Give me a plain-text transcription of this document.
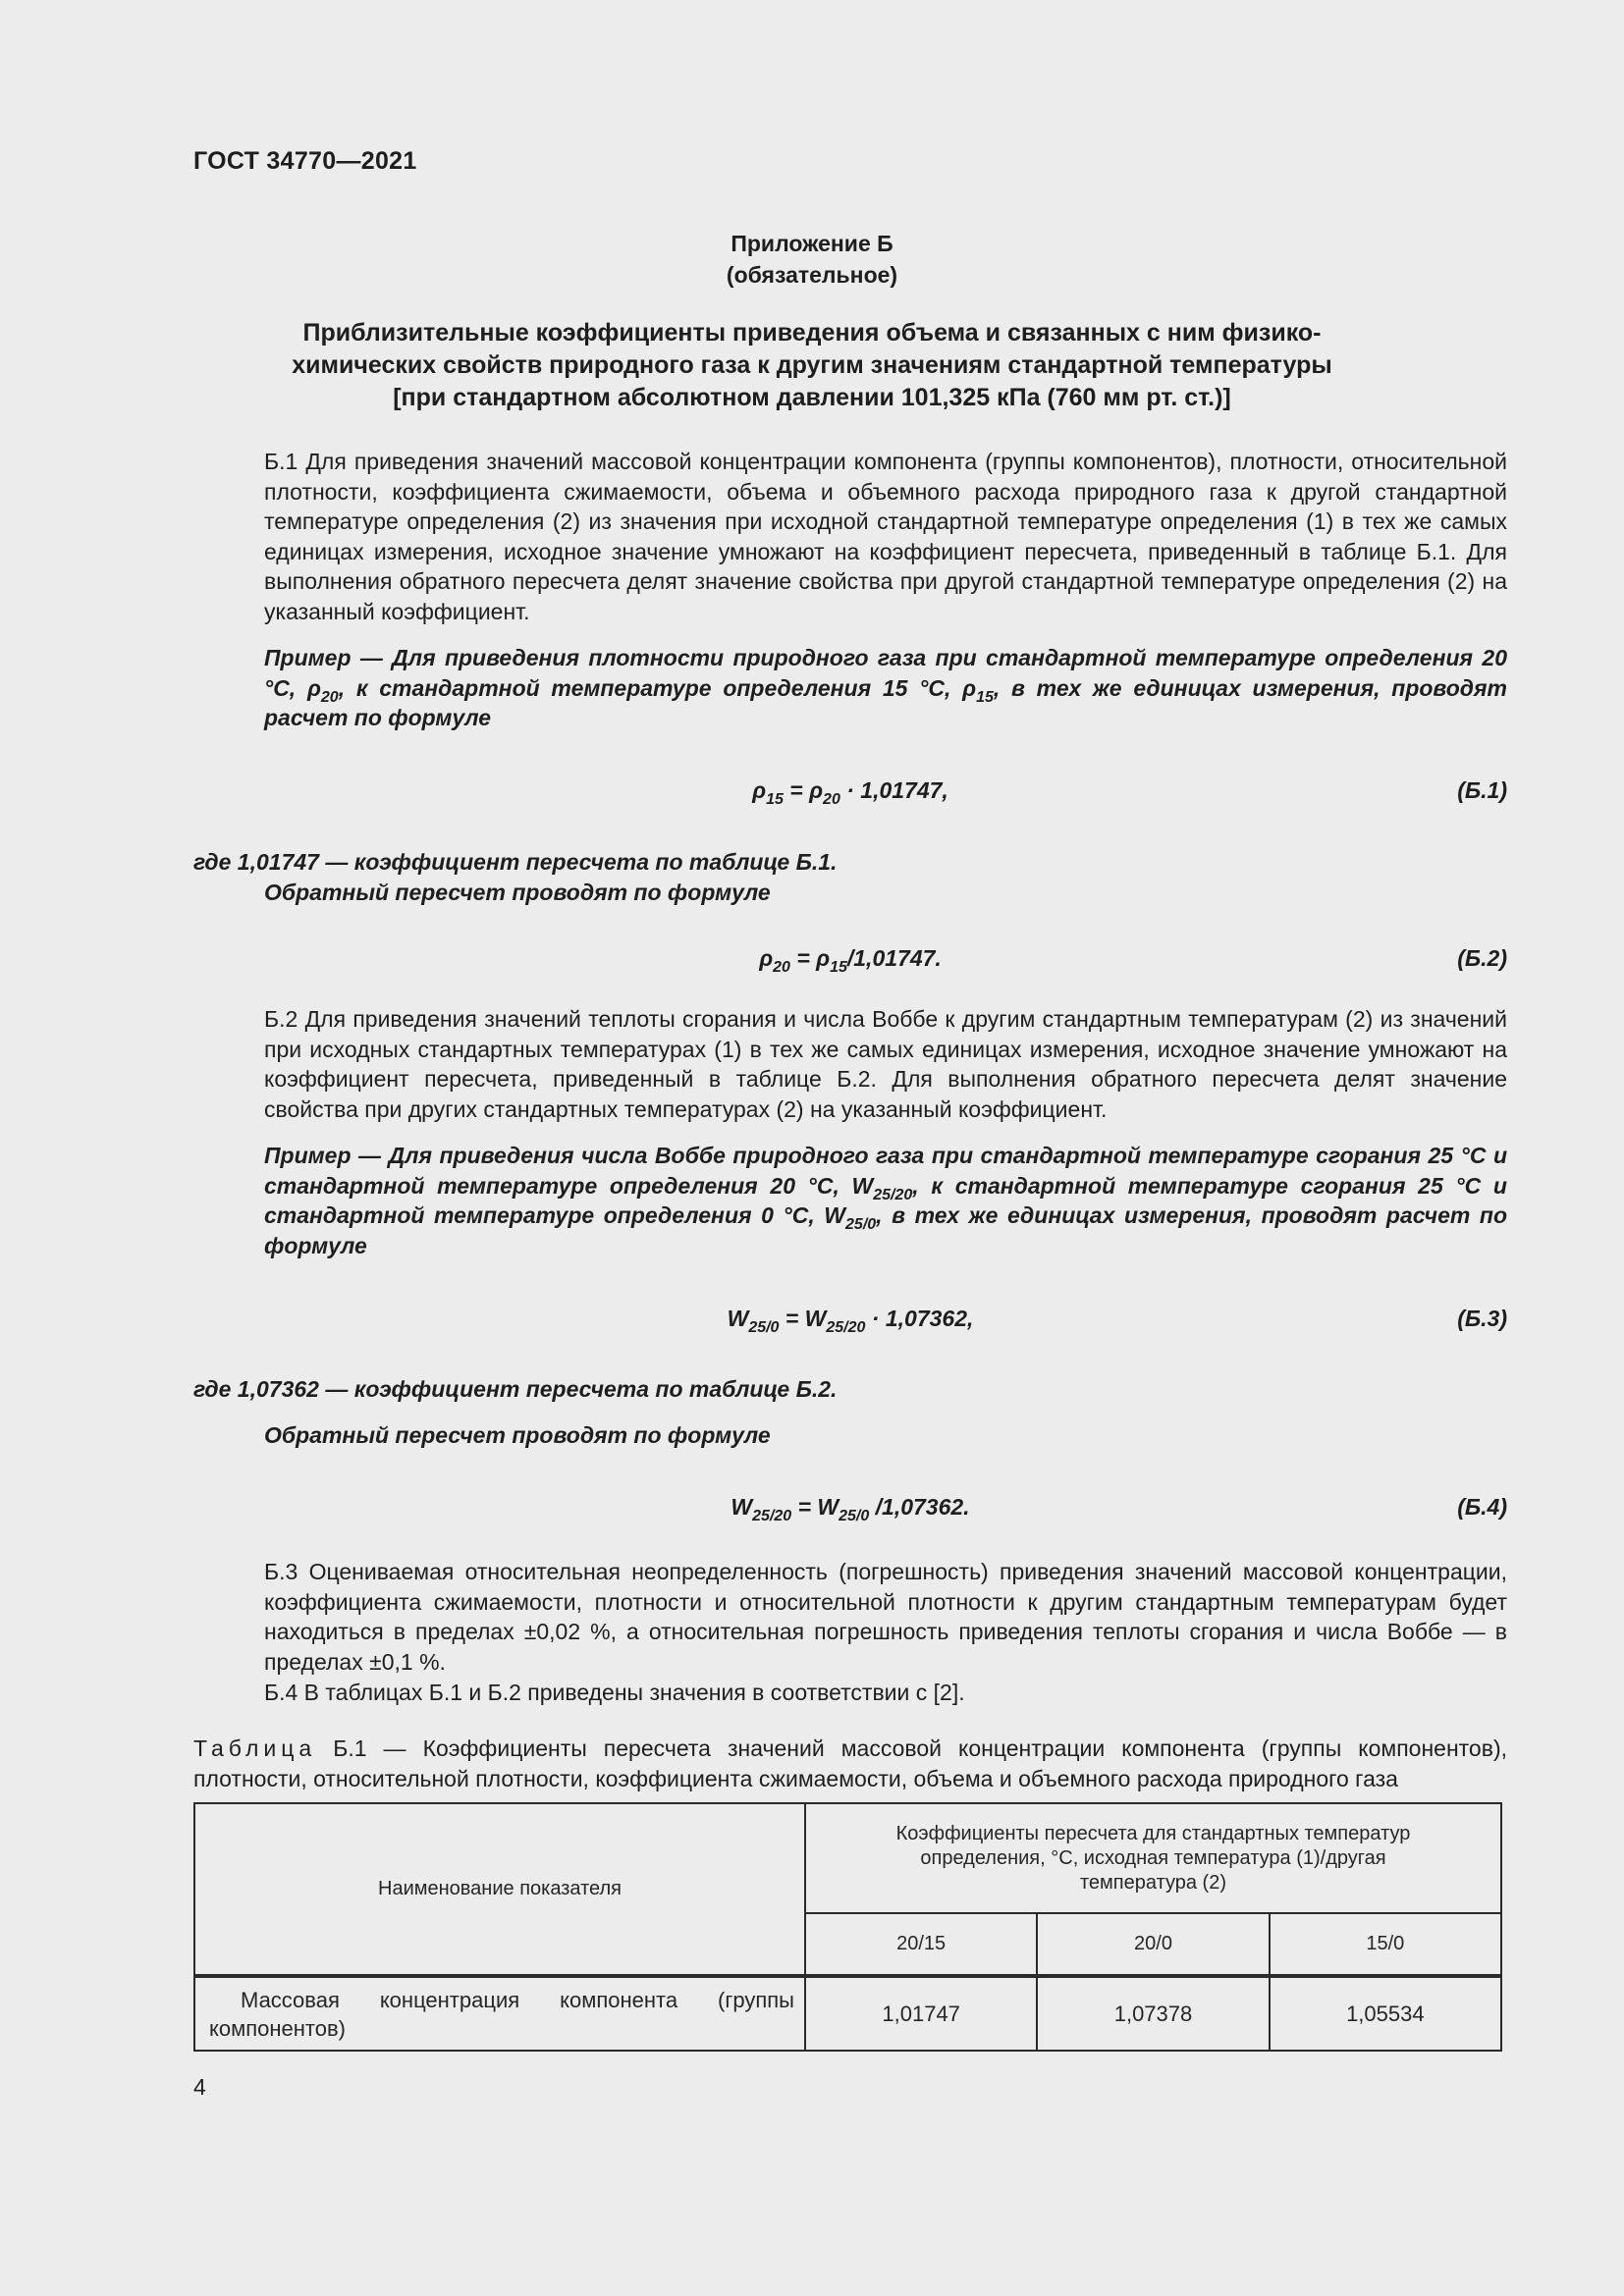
ГОСТ 34770—2021
Приложение Б
(обязательное)
Приблизительные коэффициенты приведения объема и связанных с ним физико-
химических свойств природного газа к другим значениям стандартной температуры
[при стандартном абсолютном давлении 101,325 кПа (760 мм рт. ст.)]
Б.1 Для приведения значений массовой концентрации компонента (группы компонентов), плотности, относительной плотности, коэффициента сжимаемости, объема и объемного расхода природного газа к другой стандартной температуре определения (2) из значения при исходной стандартной температуре определения (1) в тех же самых единицах измерения, исходное значение умножают на коэффициент пересчета, приведенный в таблице Б.1. Для выполнения обратного пересчета делят значение свойства при другой стандартной температуре определения (2) на указанный коэффициент.
Пример — Для приведения плотности природного газа при стандартной температуре определения 20 °С, $\rho_{20}$, к стандартной температуре определения 15 °С, $\rho_{15}$, в тех же единицах измерения, проводят расчет по формуле
$\rho_{15} = \rho_{20} \cdot 1,01747$,	(Б.1)
где 1,01747 — коэффициент пересчета по таблице Б.1.
Обратный пересчет проводят по формуле
$\rho_{20} = \rho_{15}/1,01747$.	(Б.2)
Б.2 Для приведения значений теплоты сгорания и числа Воббе к другим стандартным температурам (2) из значений при исходных стандартных температурах (1) в тех же самых единицах измерения, исходное значение умножают на коэффициент пересчета, приведенный в таблице Б.2. Для выполнения обратного пересчета делят значение свойства при других стандартных температурах (2) на указанный коэффициент.
Пример — Для приведения числа Воббе природного газа при стандартной температуре сгорания 25 °С и стандартной температуре определения 20 °С, $W_{25/20}$, к стандартной температуре сгорания 25 °С и стандартной температуре определения 0 °С, $W_{25/0}$, в тех же единицах измерения, проводят расчет по формуле
$W_{25/0} = W_{25/20} \cdot 1,07362$,	(Б.3)
где 1,07362 — коэффициент пересчета по таблице Б.2.
Обратный пересчет проводят по формуле
$W_{25/20} = W_{25/0}$ /1,07362.	(Б.4)
Б.3 Оцениваемая относительная неопределенность (погрешность) приведения значений массовой концентрации, коэффициента сжимаемости, плотности и относительной плотности к другим стандартным температурам будет находиться в пределах ±0,02 %, а относительная погрешность приведения теплоты сгорания и числа Воббе — в пределах ±0,1 %.
Б.4 В таблицах Б.1 и Б.2 приведены значения в соответствии с [2].
Таблица Б.1 — Коэффициенты пересчета значений массовой концентрации компонента (группы компонентов), плотности, относительной плотности, коэффициента сжимаемости, объема и объемного расхода природного газа
Наименование показателя	Коэффициенты пересчета для стандартных температур определения, °С, исходная температура (1)/другая температура (2)		
	20/15	20/0	15/0
Массовая концентрация компонента (группы компонентов)	1,01747	1,07378	1,05534
4
